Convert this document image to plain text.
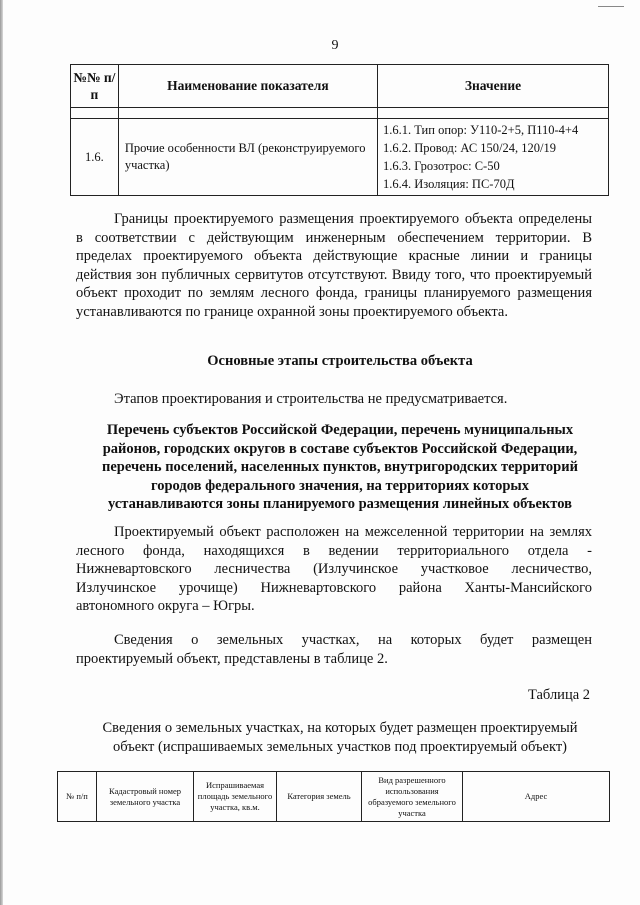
9
№№ п/п	Наименование показателя	Значение

1.6.	Прочие особенности ВЛ (реконструируемого участка)	1.6.1. Тип опор: У110-2+5, П110-4+4
1.6.2. Провод: АС 150/24, 120/19
1.6.3. Грозотрос: С-50
1.6.4. Изоляция: ПС-70Д

Границы проектируемого размещения проектируемого объекта определены в соответствии с действующим инженерным обеспечением территории. В пределах проектируемого объекта действующие красные линии и границы действия зон публичных сервитутов отсутствуют. Ввиду того, что проектируемый объект проходит по землям лесного фонда, границы планируемого размещения устанавливаются по границе охранной зоны проектируемого объекта.

Основные этапы строительства объекта

Этапов проектирования и строительства не предусматривается.

Перечень субъектов Российской Федерации, перечень муниципальных
районов, городских округов в составе субъектов Российской Федерации,
перечень поселений, населенных пунктов, внутригородских территорий
городов федерального значения, на территориях которых
устанавливаются зоны планируемого размещения линейных объектов

Проектируемый объект расположен на межселенной территории на землях лесного фонда, находящихся в ведении территориального отдела - Нижневартовского лесничества (Излучинское участковое лесничество, Излучинское урочище) Нижневартовского района Ханты-Мансийского автономного округа – Югры.

Сведения о земельных участках, на которых будет размещен
проектируемый объект, представлены в таблице 2.

Таблица 2

Сведения о земельных участках, на которых будет размещен проектируемый
объект (испрашиваемых земельных участков под проектируемый объект)
№ п/п	Кадастровый номер земельного участка	Испрашиваемая площадь земельного участка, кв.м.	Категория земель	Вид разрешенного использования образуемого земельного участка	Адрес
